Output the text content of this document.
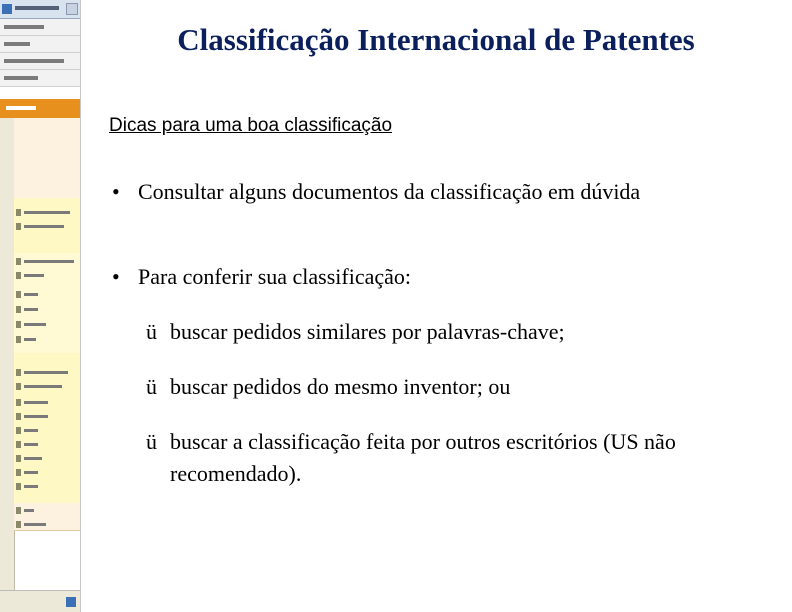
Classificação Internacional de Patentes
Dicas para uma boa classificação
• Consultar alguns documentos da classificação em dúvida
• Para conferir sua classificação:
ü buscar pedidos similares por palavras-chave;
ü buscar pedidos do mesmo inventor; ou
ü buscar a classificação feita por outros escritórios (US não recomendado).
